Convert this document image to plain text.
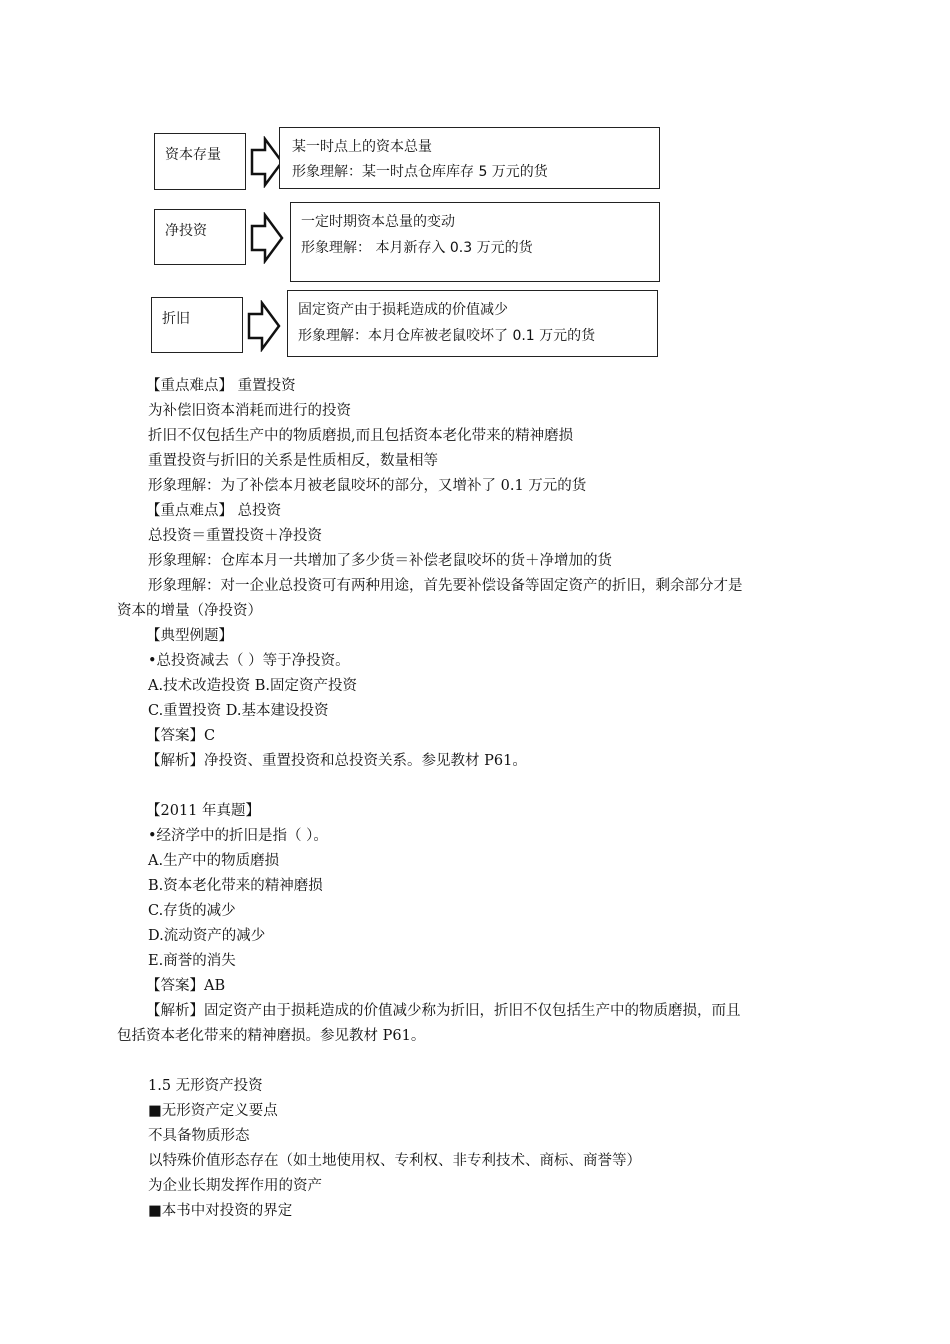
资本存量	某一时点上的资本总量
形象理解：某一时点仓库库存 5 万元的货
净投资
一定时期资本总量的变动
形象理解： 本月新存入 0.3 万元的货
折旧
固定资产由于损耗造成的价值减少
形象理解：本月仓库被老鼠咬坏了 0.1 万元的货
【重点难点】 重置投资
为补偿旧资本消耗而进行的投资
折旧不仅包括生产中的物质磨损,而且包括资本老化带来的精神磨损
重置投资与折旧的关系是性质相反，数量相等
形象理解：为了补偿本月被老鼠咬坏的部分，又增补了 0.1 万元的货
【重点难点】 总投资
总投资＝重置投资＋净投资
形象理解：仓库本月一共增加了多少货＝补偿老鼠咬坏的货＋净增加的货
形象理解：对一企业总投资可有两种用途，首先要补偿设备等固定资产的折旧，剩余部分才是
资本的增量（净投资）
【典型例题】
•总投资减去（ ）等于净投资。
A.技术改造投资 B.固定资产投资
C.重置投资 D.基本建设投资
【答案】C
【解析】净投资、重置投资和总投资关系。参见教材 P61。
【2011 年真题】
•经济学中的折旧是指（ ）。
A.生产中的物质磨损
B.资本老化带来的精神磨损
C.存货的减少
D.流动资产的减少
E.商誉的消失
【答案】AB
【解析】固定资产由于损耗造成的价值减少称为折旧，折旧不仅包括生产中的物质磨损，而且
包括资本老化带来的精神磨损。参见教材 P61。
1.5 无形资产投资
■无形资产定义要点
不具备物质形态
以特殊价值形态存在（如土地使用权、专利权、非专利技术、商标、商誉等）
为企业长期发挥作用的资产
■本书中对投资的界定
